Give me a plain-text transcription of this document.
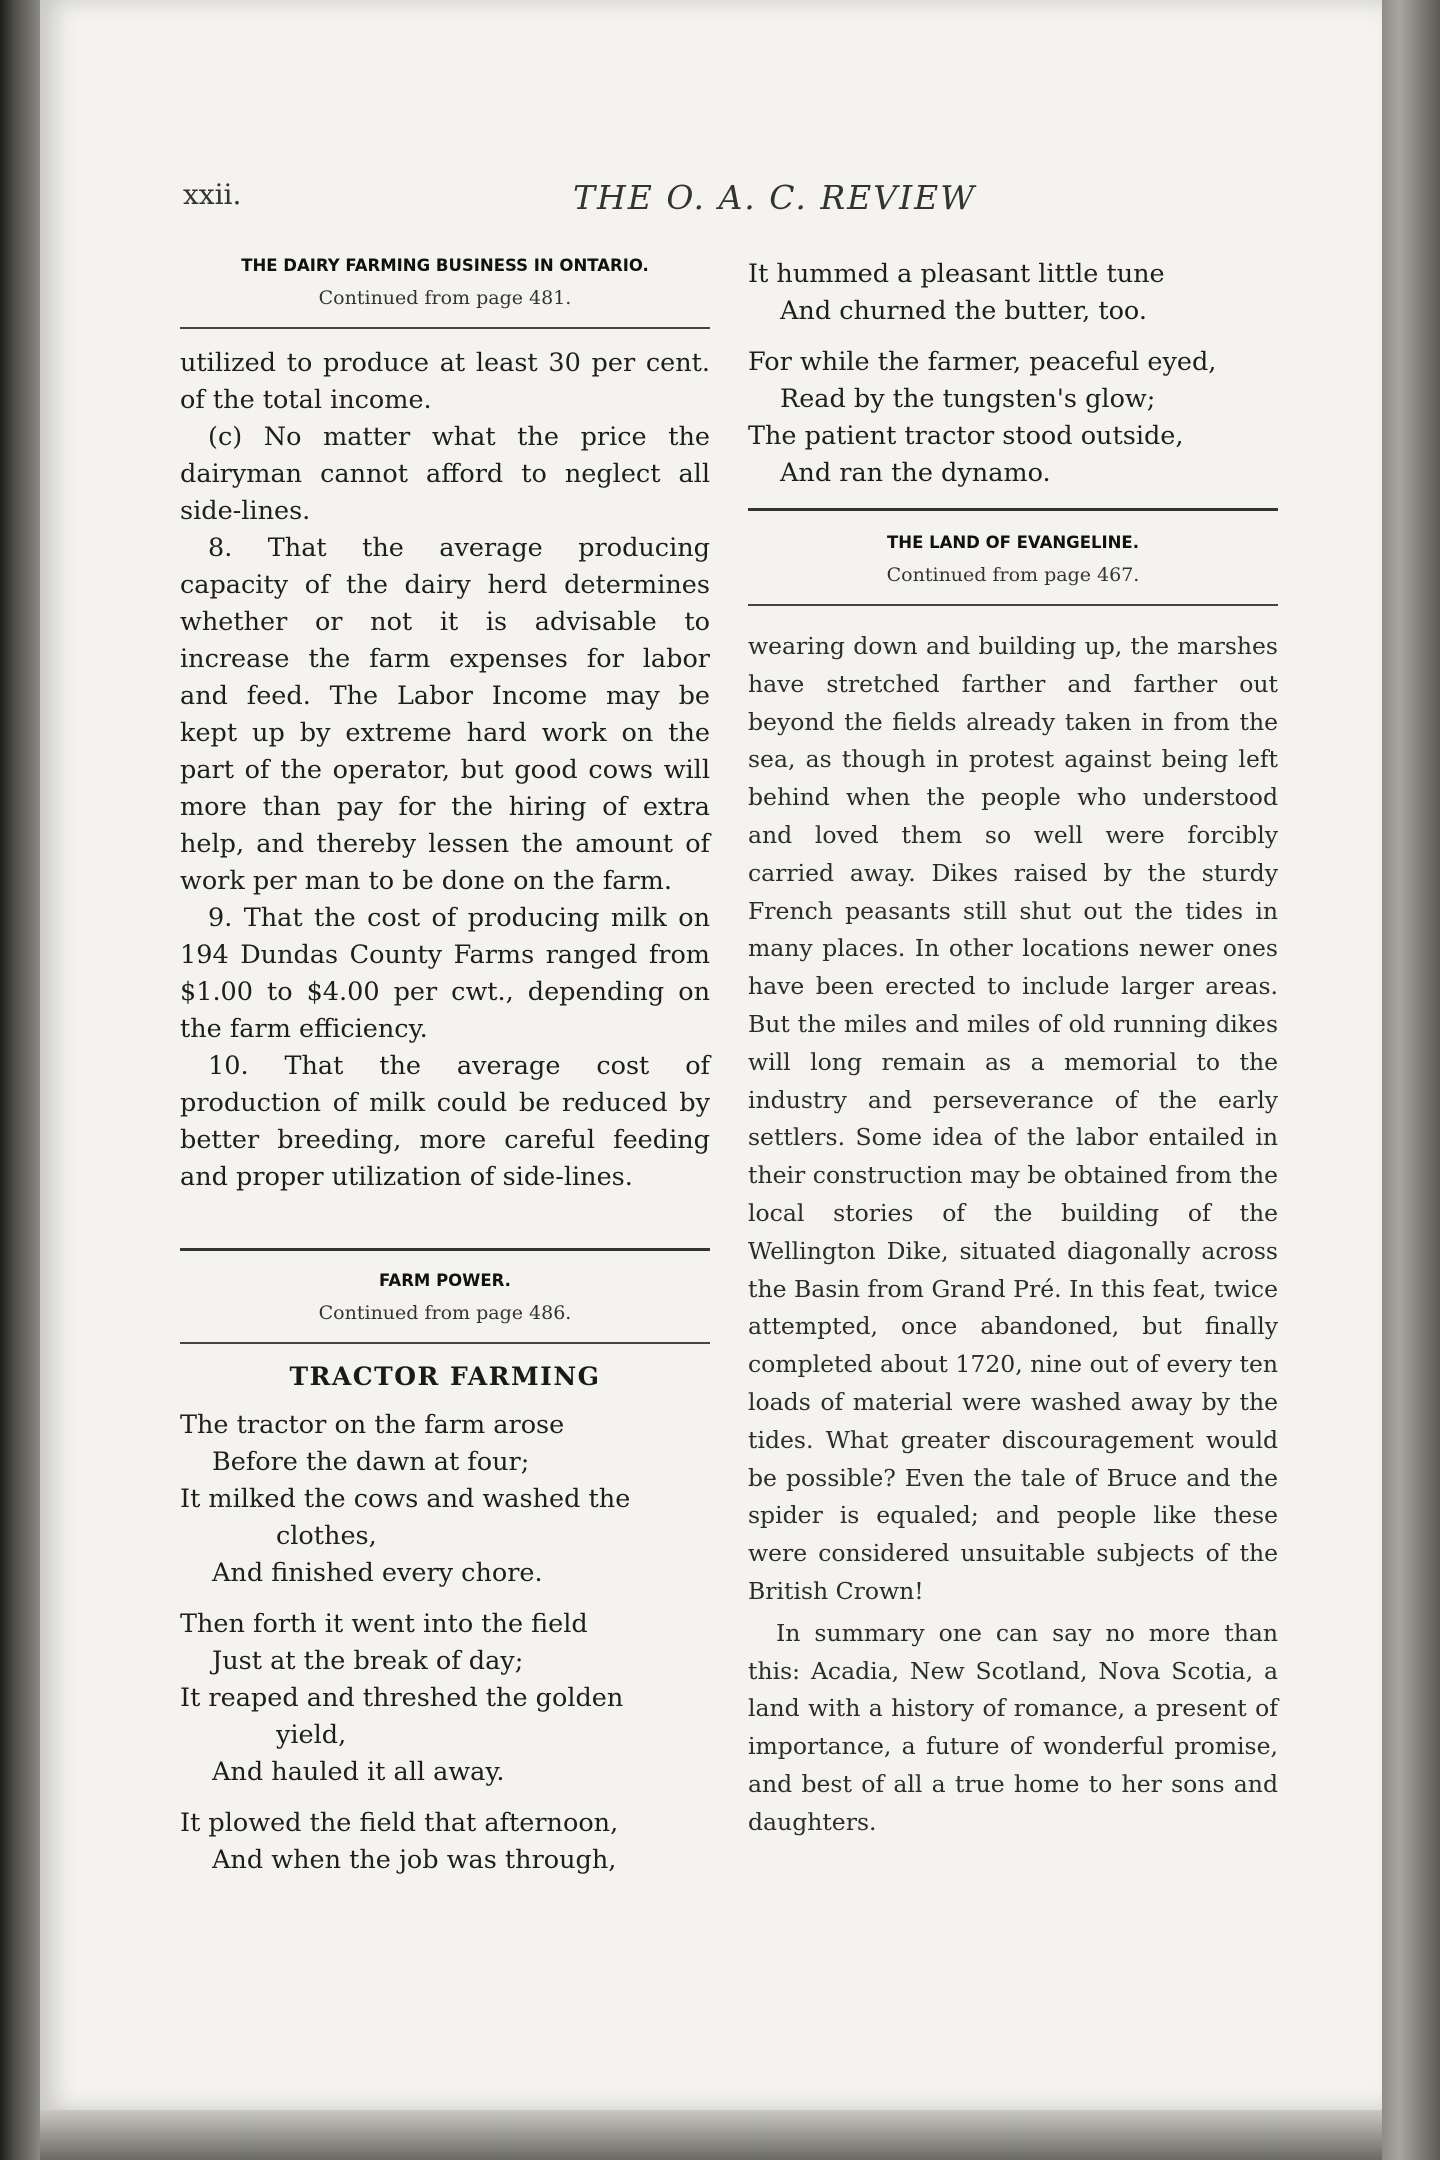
xxii.	THE O. A. C. REVIEW
THE DAIRY FARMING BUSINESS IN ONTARIO.

Continued from page 481.

utilized to produce at least 30 per cent. of the total income.

(c) No matter what the price the dairyman cannot afford to neglect all side-lines.

8. That the average producing capacity of the dairy herd determines whether or not it is advisable to increase the farm expenses for labor and feed. The Labor Income may be kept up by extreme hard work on the part of the operator, but good cows will more than pay for the hiring of extra help, and thereby lessen the amount of work per man to be done on the farm.

9. That the cost of producing milk on 194 Dundas County Farms ranged from $1.00 to $4.00 per cwt., depending on the farm efficiency.

10. That the average cost of production of milk could be reduced by better breeding, more careful feeding and proper utilization of side-lines.

FARM POWER.

Continued from page 486.

TRACTOR FARMING
The tractor on the farm arose
Before the dawn at four;
It milked the cows and washed the
clothes,
And finished every chore.
Then forth it went into the field
Just at the break of day;
It reaped and threshed the golden
yield,
And hauled it all away.
It plowed the field that afternoon,
And when the job was through,
It hummed a pleasant little tune
And churned the butter, too.
For while the farmer, peaceful eyed,
Read by the tungsten's glow;
The patient tractor stood outside,
And ran the dynamo.
THE LAND OF EVANGELINE.

Continued from page 467.

wearing down and building up, the marshes have stretched farther and farther out beyond the fields already taken in from the sea, as though in protest against being left behind when the people who understood and loved them so well were forcibly carried away. Dikes raised by the sturdy French peasants still shut out the tides in many places. In other locations newer ones have been erected to include larger areas. But the miles and miles of old running dikes will long remain as a memorial to the industry and perseverance of the early settlers. Some idea of the labor entailed in their construction may be obtained from the local stories of the building of the Wellington Dike, situated diagonally across the Basin from Grand Pré. In this feat, twice attempted, once abandoned, but finally completed about 1720, nine out of every ten loads of material were washed away by the tides. What greater discouragement would be possible? Even the tale of Bruce and the spider is equaled; and people like these were considered unsuitable subjects of the British Crown!

In summary one can say no more than this: Acadia, New Scotland, Nova Scotia, a land with a history of romance, a present of importance, a future of wonderful promise, and best of all a true home to her sons and daughters.
